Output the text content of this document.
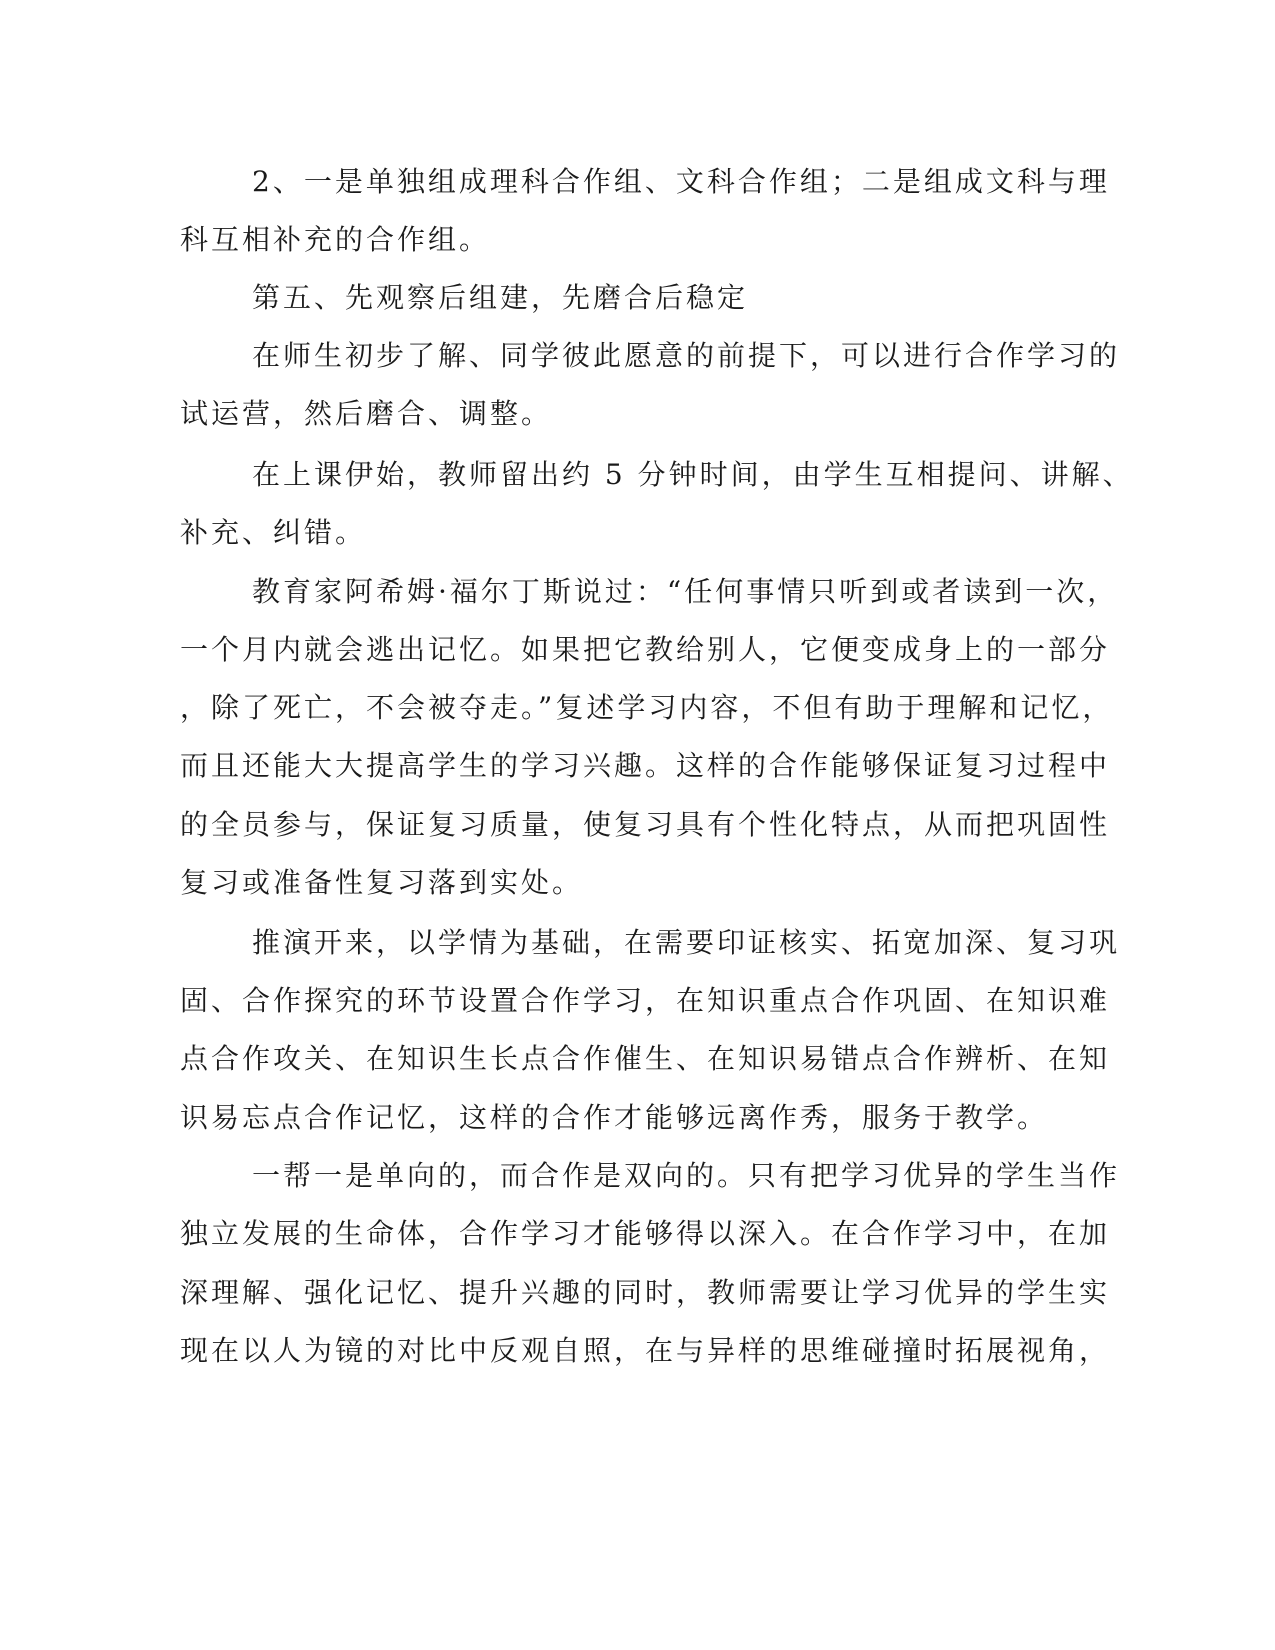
2、一是单独组成理科合作组、文科合作组；二是组成文科与理
科互相补充的合作组。
第五、先观察后组建，先磨合后稳定
在师生初步了解、同学彼此愿意的前提下，可以进行合作学习的
试运营，然后磨合、调整。
在上课伊始，教师留出约 5 分钟时间，由学生互相提问、讲解、
补充、纠错。
教育家阿希姆·福尔丁斯说过：“任何事情只听到或者读到一次，
一个月内就会逃出记忆。如果把它教给别人，它便变成身上的一部分
，除了死亡，不会被夺走。”复述学习内容，不但有助于理解和记忆，
而且还能大大提高学生的学习兴趣。这样的合作能够保证复习过程中
的全员参与，保证复习质量，使复习具有个性化特点，从而把巩固性
复习或准备性复习落到实处。
推演开来，以学情为基础，在需要印证核实、拓宽加深、复习巩
固、合作探究的环节设置合作学习，在知识重点合作巩固、在知识难
点合作攻关、在知识生长点合作催生、在知识易错点合作辨析、在知
识易忘点合作记忆，这样的合作才能够远离作秀，服务于教学。
一帮一是单向的，而合作是双向的。只有把学习优异的学生当作
独立发展的生命体，合作学习才能够得以深入。在合作学习中，在加
深理解、强化记忆、提升兴趣的同时，教师需要让学习优异的学生实
现在以人为镜的对比中反观自照，在与异样的思维碰撞时拓展视角，
